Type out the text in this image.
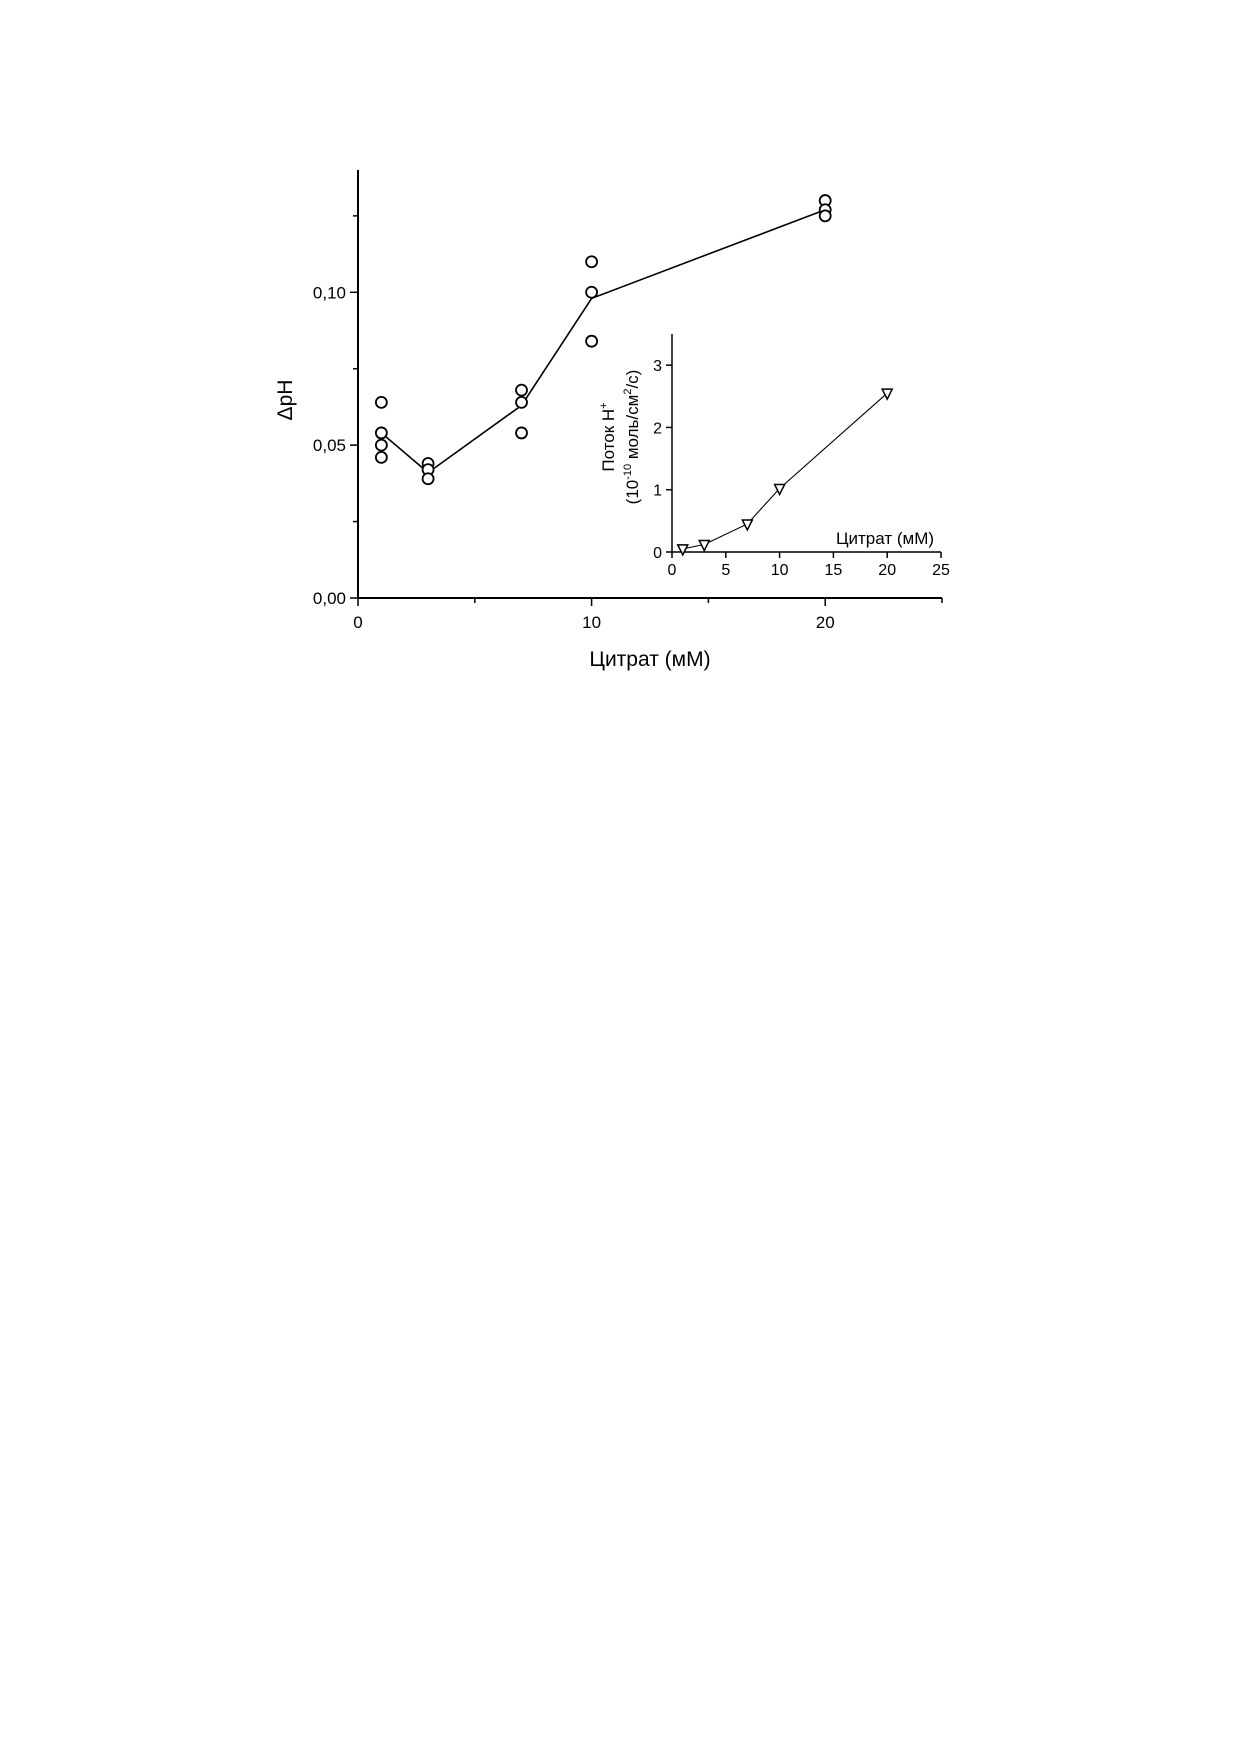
0	10	20
0,00
0,05
0,10
Цитрат (мМ)
ΔpH
0	5	10 15 20 25
0
1
2
3
Цитрат (мМ)
Поток Н+
($10^{-10}$ моль/$см^2/с$)
